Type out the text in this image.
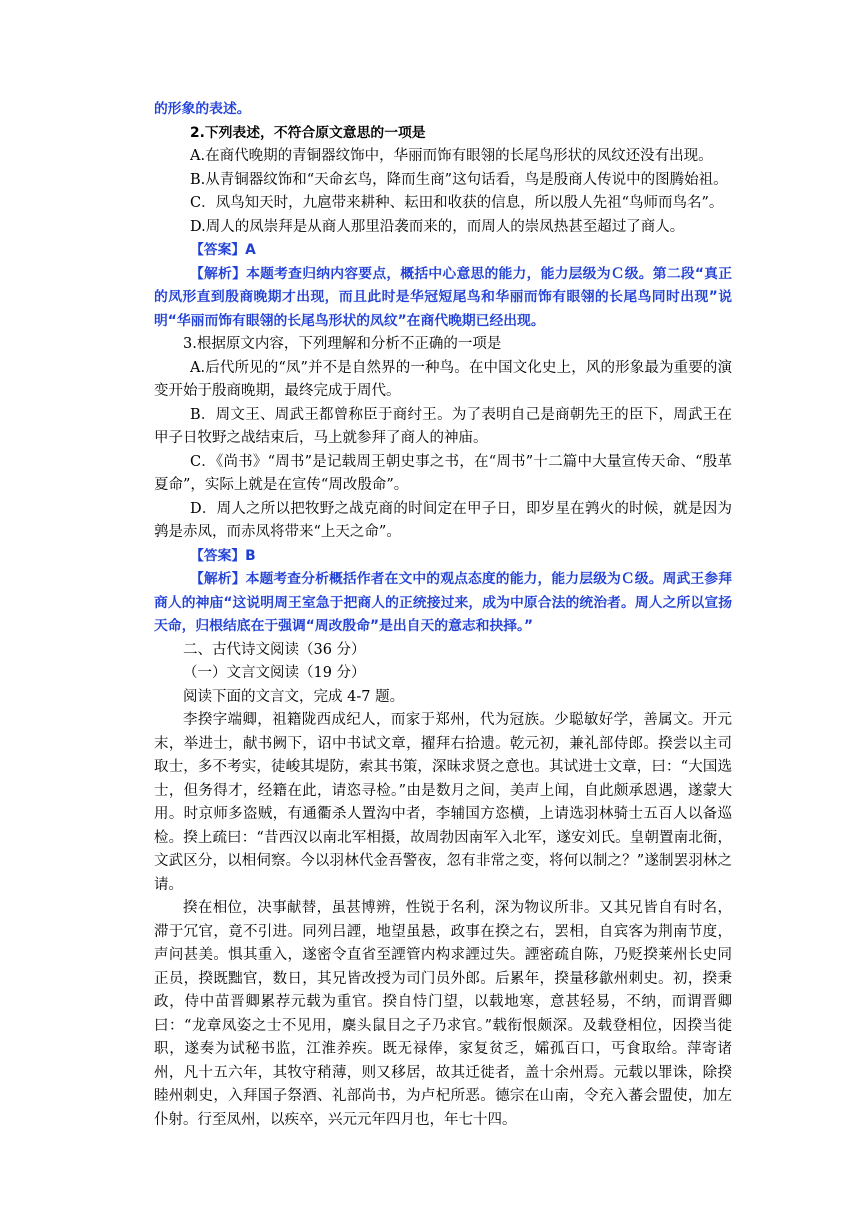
的形象的表述。

2.下列表述，不符合原文意思的一项是

A.在商代晚期的青铜器纹饰中，华丽而饰有眼翎的长尾鸟形状的凤纹还没有出现。

B.从青铜器纹饰和“天命玄鸟，降而生商”这句话看，鸟是殷商人传说中的图腾始祖。

C．凤鸟知天时，九扈带来耕种、耘田和收获的信息，所以殷人先祖“鸟师而鸟名”。

D.周人的凤崇拜是从商人那里沿袭而来的，而周人的崇凤热甚至超过了商人。

【答案】A

【解析】本题考查归纳内容要点，概括中心意思的能力，能力层级为Ｃ级。第二段“真正的凤形直到殷商晚期才出现，而且此时是华冠短尾鸟和华丽而饰有眼翎的长尾鸟同时出现”说明“华丽而饰有眼翎的长尾鸟形状的凤纹”在商代晚期已经出现。

3.根据原文内容，下列理解和分析不正确的一项是

A.后代所见的“凤”并不是自然界的一种鸟。在中国文化史上，风的形象最为重要的演变开始于殷商晚期，最终完成于周代。

B．周文王、周武王都曾称臣于商纣王。为了表明自己是商朝先王的臣下，周武王在甲子日牧野之战结束后，马上就参拜了商人的神庙。

C．《尚书》“周书”是记载周王朝史事之书，在“周书”十二篇中大量宣传天命、“殷革夏命”，实际上就是在宣传“周改殷命”。

D．周人之所以把牧野之战克商的时间定在甲子日，即岁星在鹑火的时候，就是因为鹑是赤凤，而赤凤将带来“上天之命”。

【答案】B

【解析】本题考查分析概括作者在文中的观点态度的能力，能力层级为Ｃ级。周武王参拜商人的神庙“这说明周王室急于把商人的正统接过来，成为中原合法的统治者。周人之所以宣扬天命，归根结底在于强调“周改殷命”是出自天的意志和抉择。”

二、古代诗文阅读（36 分）

（一）文言文阅读（19 分）

阅读下面的文言文，完成 4-7 题。

李揆字端卿，祖籍陇西成纪人，而家于郑州，代为冠族。少聪敏好学，善属文。开元末，举进士，献书阙下，诏中书试文章，擢拜右拾遗。乾元初，兼礼部侍郎。揆尝以主司取士，多不考实，徒峻其堤防，索其书策，深昧求贤之意也。其试进士文章，曰：“大国选士，但务得才，经籍在此，请恣寻检。”由是数月之间，美声上闻，自此颇承恩遇，遂蒙大用。时京师多盗贼，有通衢杀人置沟中者，李辅国方恣横，上请选羽林骑士五百人以备巡检。揆上疏曰：“昔西汉以南北军相摄，故周勃因南军入北军，遂安刘氏。皇朝置南北衙，文武区分，以相伺察。今以羽林代金吾警夜，忽有非常之变，将何以制之？”遂制罢羽林之请。

揆在相位，决事献替，虽甚博辨，性锐于名利，深为物议所非。又其兄皆自有时名，滞于冗官，竟不引进。同列吕諲，地望虽悬，政事在揆之右，罢相，自宾客为荆南节度，声问甚美。惧其重入，遂密令直省至諲管内构求諲过失。諲密疏自陈，乃贬揆莱州长史同正员，揆既黜官，数日，其兄皆改授为司门员外郎。后累年，揆量移歙州刺史。初，揆秉政，侍中苗晋卿累荐元载为重官。揆自恃门望，以载地寒，意甚轻易，不纳，而谓晋卿曰：“龙章凤姿之士不见用，麇头鼠目之子乃求官。”载衔恨颇深。及载登相位，因揆当徙职，遂奏为试秘书监，江淮养疾。既无禄俸，家复贫乏，孀孤百口，丐食取给。萍寄诸州，凡十五六年，其牧守稍薄，则又移居，故其迁徙者，盖十余州焉。元载以罪诛，除揆睦州刺史，入拜国子祭酒、礼部尚书，为卢杞所恶。德宗在山南，令充入蕃会盟使，加左仆射。行至凤州，以疾卒，兴元元年四月也，年七十四。
